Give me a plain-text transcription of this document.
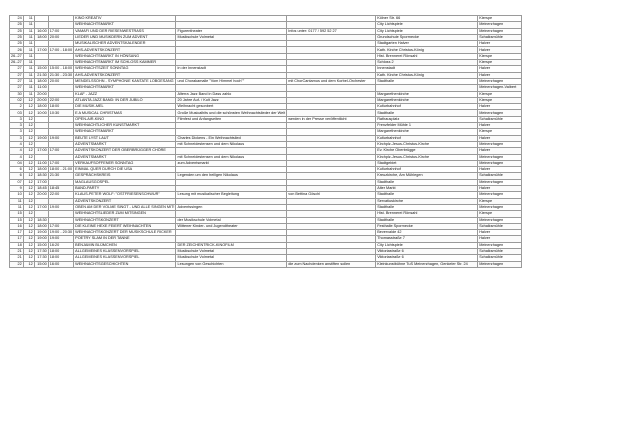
24	11			KINO KREATIV			Kölner Str. 66	Kierspe
25	11			WEIHNACHTSMARKT			City Lichtspiele	Meinerzhagen
25	11	16:00	17:00	VAMAFI UND DER RIESENWESTRASS	Figurentheater	Infos unter: 0177 / 592 52 27	City Lichtspiele	Meinerzhagen
25	11	18:00	20:00	LIEDER UND MUSIKDERN ZUM ADVENT	Musikschule Volmetal		Grundschule Spormecke	Schalksmühle
25	11			MUSIKALISCHER ADVENTSKALENDER			Stadtgarten Halver	Halver
26	11	17:00	17:00 - 18:00	AHS-ADVENTSKONZERT			Kath. Kirche Christus-König	Halver
26.-27	11			WEIHNACHTSMARKT IN HÖNSANG			Hist. Brennerei Rönsahl	Kierspe
26.-27	11			WEIHNACHTSMARKT IM SCHLOSS KAMMER			Schloss 2	Kierspe
27	11	15:00	15:00 - 18:00	WEIHNACHTSZEIT SONNTAG	in der Innenstadt		Innenstadt	Halver
27	11	21:30	21:30 - 23:30	AHS-ADVENTSKONZERT			Kath. Kirche Christus-König	Halver
27	11	18:00	20:00	MENDELSSOHN - SYMPHONIE KANTATE LOBGESANG	und Chorakamalie "Vom Himmel hoch""	mit ChorCantamus und dem Korbel-Orchester	Stadthalle	Meinerzhagen
27	11	11:00		WEIHNACHTSMARKT				Meinerzhagen-Valbert
30	11	20:00		KLAF - JAZZ	Alterra Jazz Band in Dass zahlo		Margarethenkirche	Kierspe
02	12	20:00	22:00	ATLANTA JAZZ BAND: IN DER JUBILO	20 Jahre Auf- / Kult Jazz		Margarethenkirche	Kierspe
2	12	18:00	18:00	DIE MUSIK-MEL	Weihnacht gesonbert		Kulturbahnhof	Halver
03	12	10:00	10:30	E A MUSICAL CHRISTMAS	Große Musicalhits und die schönsten Weihnachtslieder der Welt		Stadthalle	Meinerzhagen
3	12			OPEN-AIR-KINO	Filmfest und Anfangseiten	werden in der Presse veröffentlicht	Rathausplatz	Schalksmühle
3	12			WEIHNACHTLICHER KUNSTMARKT			Frenzfelder Mühle 1	Halver
3	12			WEIHNACHTSMARKT			Margarethenkirche	Kierspe
3	12	19:00	19:00	BEUTE LYST LAUT	Charles Dickens - Ein Weihnachtslied		Kulturbahnhof	Halver
4	12			ADVENTSMARKT	mit Schneidestensen und dem Nikolaus		Kirchplz-Jesus-Christus-Kirche	Meinerzhagen
4	12	17:00	17:00	ADVENTSKONZERT DER OBERBRÜGGER CHÖRE			Ev. Kirche Oberbrügge	Halver
4	12			ADVENTSMARKT	mit Schneidestensen und dem Nikolaus		Kirchplz-Jesus-Christus-Kirche	Meinerzhagen
04	12	11:00	17:00	VERKAUFSOFFENER SONNTAG	zum Adventsmarkt		Stadtgebiet	Meinerzhagen
6	12	18:00	18:00 - 21:00	EINMAL QUER DURCH DIE USA			Kulturbahnhof	Halver
6	12	18:30	21:30	GESPRÄCHSKREIS	Legenden um den heiligen Nikolaus		Kreuzkirche, Am Mühlegen	Schalksmühle
07	12	17:00		MAGLAUSGOSPEL			Stadthalle	Meinerzhagen
9	12	18:45	18:45	BAND-PARTY			Alter Markt	Halver
10	12	20:00	22:00	KLAUS-PETER WOLF: "OSTFRIESENSCHWUR"	Lesung mit musikalischer Begleitung	von Bettina Göschl	Stadthalle	Meinerzhagen
11	12			ADVENTSKONZERT			Servatiuskirche	Kierspe
11	12	17:00	19:00	OBEN AM DER VOLME SINGT - UND ALLE SINGEN MIT!	Adventssingen		Stadthalle	Meinerzhagen
15	12			WEIHNACHTSLIEDER ZUM MITSINGEN			Hist. Brennerei Rönsahl	Kierspe
15	12	18:30		WEIHNACHTSKONZERT	der Musikschule Volmetal		Stadthalle	Meinerzhagen
16	12	18:00	17:00	DIE KLEINE HEXE FEIERT WEIHNACHTEN	Wittener Kinder- und Jugendtheater		Festhalle Spormecke	Schalksmühle
17	12	19:00	19:00 - 20:30	WEIHNACHTSKONZERT DER MUSIKSCHULE RICKER			Bevervalde 42	Halver
17	12	19:00	19:00	POETRY SLAM IN DER TANNE			Thomasstraße 7	Halver
18	12	15:00	16:20	BENJAMIN BLÜMCHEN	DER ZEICHENTRICK-KINOFILM		City Lichtspiele	Meinerzhagen
21	12	17:30	18:00	ALLGEMEINES KLASSENVORSPIEL	Musikschule Volmetal		Viktoriastraße 6	Schalksmühle
21	12	17:30	18:00	ALLGEMEINES KLASSENVORSPIEL	Musikschule Volmetal		Viktoriastraße 6	Schalksmühle
22	12	15:00	16:00	WEIHNACHTSGESCHICHTEN	Lesungen von Geschichten	die zum Nachdenken anstiften sollen	Kleinkunstbühne TuS Meinerzhagen, Genkeler Str. 24	Meinerzhagen
